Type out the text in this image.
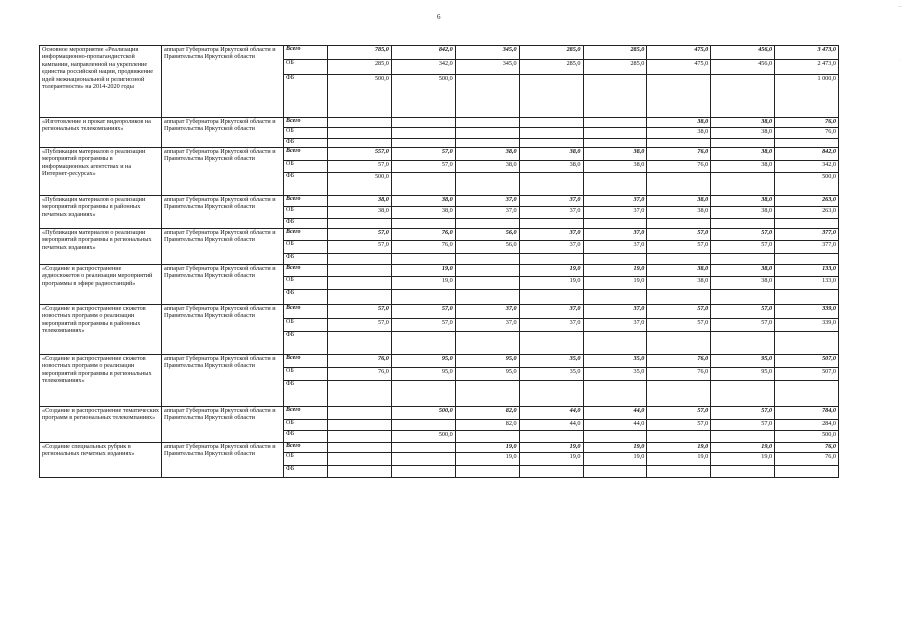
6
|
·
Основное мероприятие «Реализация информационно-пропагандистской кампании, направленной на укрепление единства российской нации, продвижение идей межнациональной и религиозной толерантности» на 2014-2020 годы	аппарат Губернатора Иркутской области и Правительства Иркутской области	Всего	785,0	842,0	345,0	285,0	285,0	475,0	456,0	3 473,0
		ОБ	285,0	342,0	345,0	285,0	285,0	475,0	456,0	2 473,0
		ФБ	500,0	500,0						1 000,0
«Изготовление и прокат видеороликов на региональных телекомпаниях»	аппарат Губернатора Иркутской области и Правительства Иркутской области	Всего						38,0	38,0	76,0
		ОБ						38,0	38,0	76,0
		ФБ								
«Публикация материалов о реализации мероприятий программы в информационных агентствах и на Интернет-ресурсах»	аппарат Губернатора Иркутской области и Правительства Иркутской области	Всего	557,0	57,0	38,0	38,0	38,0	76,0	38,0	842,0
		ОБ	57,0	57,0	38,0	38,0	38,0	76,0	38,0	342,0
		ФБ	500,0							500,0
«Публикация материалов о реализации мероприятий программы в районных печатных изданиях»	аппарат Губернатора Иркутской области и Правительства Иркутской области	Всего	38,0	38,0	37,0	37,0	37,0	38,0	38,0	263,0
		ОБ	38,0	38,0	37,0	37,0	37,0	38,0	38,0	263,0
		ФБ								
«Публикация материалов о реализации мероприятий программы в региональных печатных изданиях»	аппарат Губернатора Иркутской области и Правительства Иркутской области	Всего	57,0	76,0	56,0	37,0	37,0	57,0	57,0	377,0
		ОБ	57,0	76,0	56,0	37,0	37,0	57,0	57,0	377,0
		ФБ								
«Создание и распространение аудиосюжетов о реализации мероприятий программы в эфире радиостанций»	аппарат Губернатора Иркутской области и Правительства Иркутской области	Всего		19,0		19,0	19,0	38,0	38,0	133,0
		ОБ		19,0		19,0	19,0	38,0	38,0	133,0
		ФБ								
«Создание и распространение сюжетов новостных программ о реализации мероприятий программы в районных телекомпаниях»	аппарат Губернатора Иркутской области и Правительства Иркутской области	Всего	57,0	57,0	37,0	37,0	37,0	57,0	57,0	339,0
		ОБ	57,0	57,0	37,0	37,0	37,0	57,0	57,0	339,0
		ФБ								
«Создание и распространение сюжетов новостных программ о реализации мероприятий программы в региональных телекомпаниях»	аппарат Губернатора Иркутской области и Правительства Иркутской области	Всего	76,0	95,0	95,0	35,0	35,0	76,0	95,0	507,0
		ОБ	76,0	95,0	95,0	35,0	35,0	76,0	95,0	507,0
		ФБ								
«Создание и распространение тематических программ в региональных телекомпаниях»	аппарат Губернатора Иркутской области и Правительства Иркутской области	Всего		500,0	82,0	44,0	44,0	57,0	57,0	784,0
		ОБ			82,0	44,0	44,0	57,0	57,0	284,0
		ФБ		500,0						500,0
«Создание специальных рубрик в региональных печатных изданиях»	аппарат Губернатора Иркутской области и Правительства Иркутской области	Всего			19,0	19,0	19,0	19,0	19,0	76,0
		ОБ			19,0	19,0	19,0	19,0	19,0	76,0
		ФБ								
